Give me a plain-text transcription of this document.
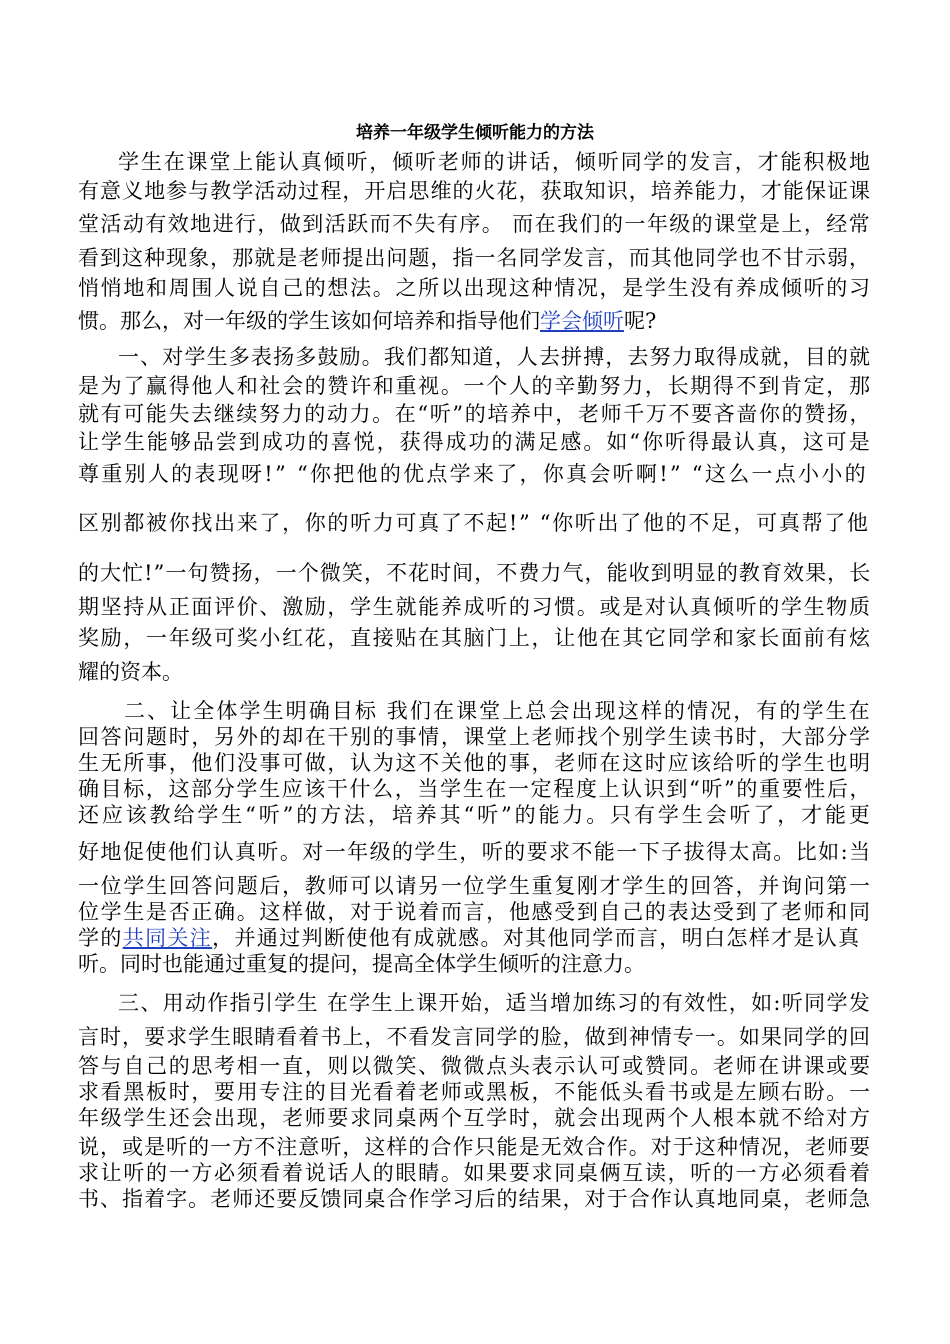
培养一年级学生倾听能力的方法
学生在课堂上能认真倾听，倾听老师的讲话，倾听同学的发言，才能积极地
有意义地参与教学活动过程，开启思维的火花，获取知识，培养能力，才能保证课
堂活动有效地进行，做到活跃而不失有序。 而在我们的一年级的课堂是上，经常
看到这种现象，那就是老师提出问题，指一名同学发言，而其他同学也不甘示弱，
悄悄地和周围人说自己的想法。之所以出现这种情况，是学生没有养成倾听的习
惯。那么，对一年级的学生该如何培养和指导他们学会倾听呢?
一、对学生多表扬多鼓励。我们都知道，人去拼搏，去努力取得成就，目的就
是为了赢得他人和社会的赞许和重视。一个人的辛勤努力，长期得不到肯定，那
就有可能失去继续努力的动力。在“听”的培养中，老师千万不要吝啬你的赞扬，
让学生能够品尝到成功的喜悦，获得成功的满足感。如“你听得最认真，这可是
尊重别人的表现呀!” “你把他的优点学来了，你真会听啊!” “这么一点小小的
区别都被你找出来了，你的听力可真了不起!” “你听出了他的不足，可真帮了他
的大忙!”一句赞扬，一个微笑，不花时间，不费力气，能收到明显的教育效果，长
期坚持从正面评价、激励，学生就能养成听的习惯。或是对认真倾听的学生物质
奖励，一年级可奖小红花，直接贴在其脑门上，让他在其它同学和家长面前有炫
耀的资本。
二、让全体学生明确目标 我们在课堂上总会出现这样的情况，有的学生在
回答问题时，另外的却在干别的事情，课堂上老师找个别学生读书时，大部分学
生无所事，他们没事可做，认为这不关他的事，老师在这时应该给听的学生也明
确目标，这部分学生应该干什么，当学生在一定程度上认识到“听”的重要性后，
还应该教给学生“听”的方法，培养其“听”的能力。只有学生会听了，才能更
好地促使他们认真听。对一年级的学生，听的要求不能一下子拔得太高。比如:当
一位学生回答问题后，教师可以请另一位学生重复刚才学生的回答，并询问第一
位学生是否正确。这样做，对于说着而言，他感受到自己的表达受到了老师和同
学的共同关注，并通过判断使他有成就感。对其他同学而言，明白怎样才是认真
听。同时也能通过重复的提问，提高全体学生倾听的注意力。
三、用动作指引学生 在学生上课开始，适当增加练习的有效性，如:听同学发
言时，要求学生眼睛看着书上，不看发言同学的脸，做到神情专一。如果同学的回
答与自己的思考相一直，则以微笑、微微点头表示认可或赞同。老师在讲课或要
求看黑板时，要用专注的目光看着老师或黑板，不能低头看书或是左顾右盼。一
年级学生还会出现，老师要求同桌两个互学时，就会出现两个人根本就不给对方
说，或是听的一方不注意听，这样的合作只能是无效合作。对于这种情况，老师要
求让听的一方必须看着说话人的眼睛。如果要求同桌俩互读，听的一方必须看着
书、指着字。老师还要反馈同桌合作学习后的结果，对于合作认真地同桌，老师急
